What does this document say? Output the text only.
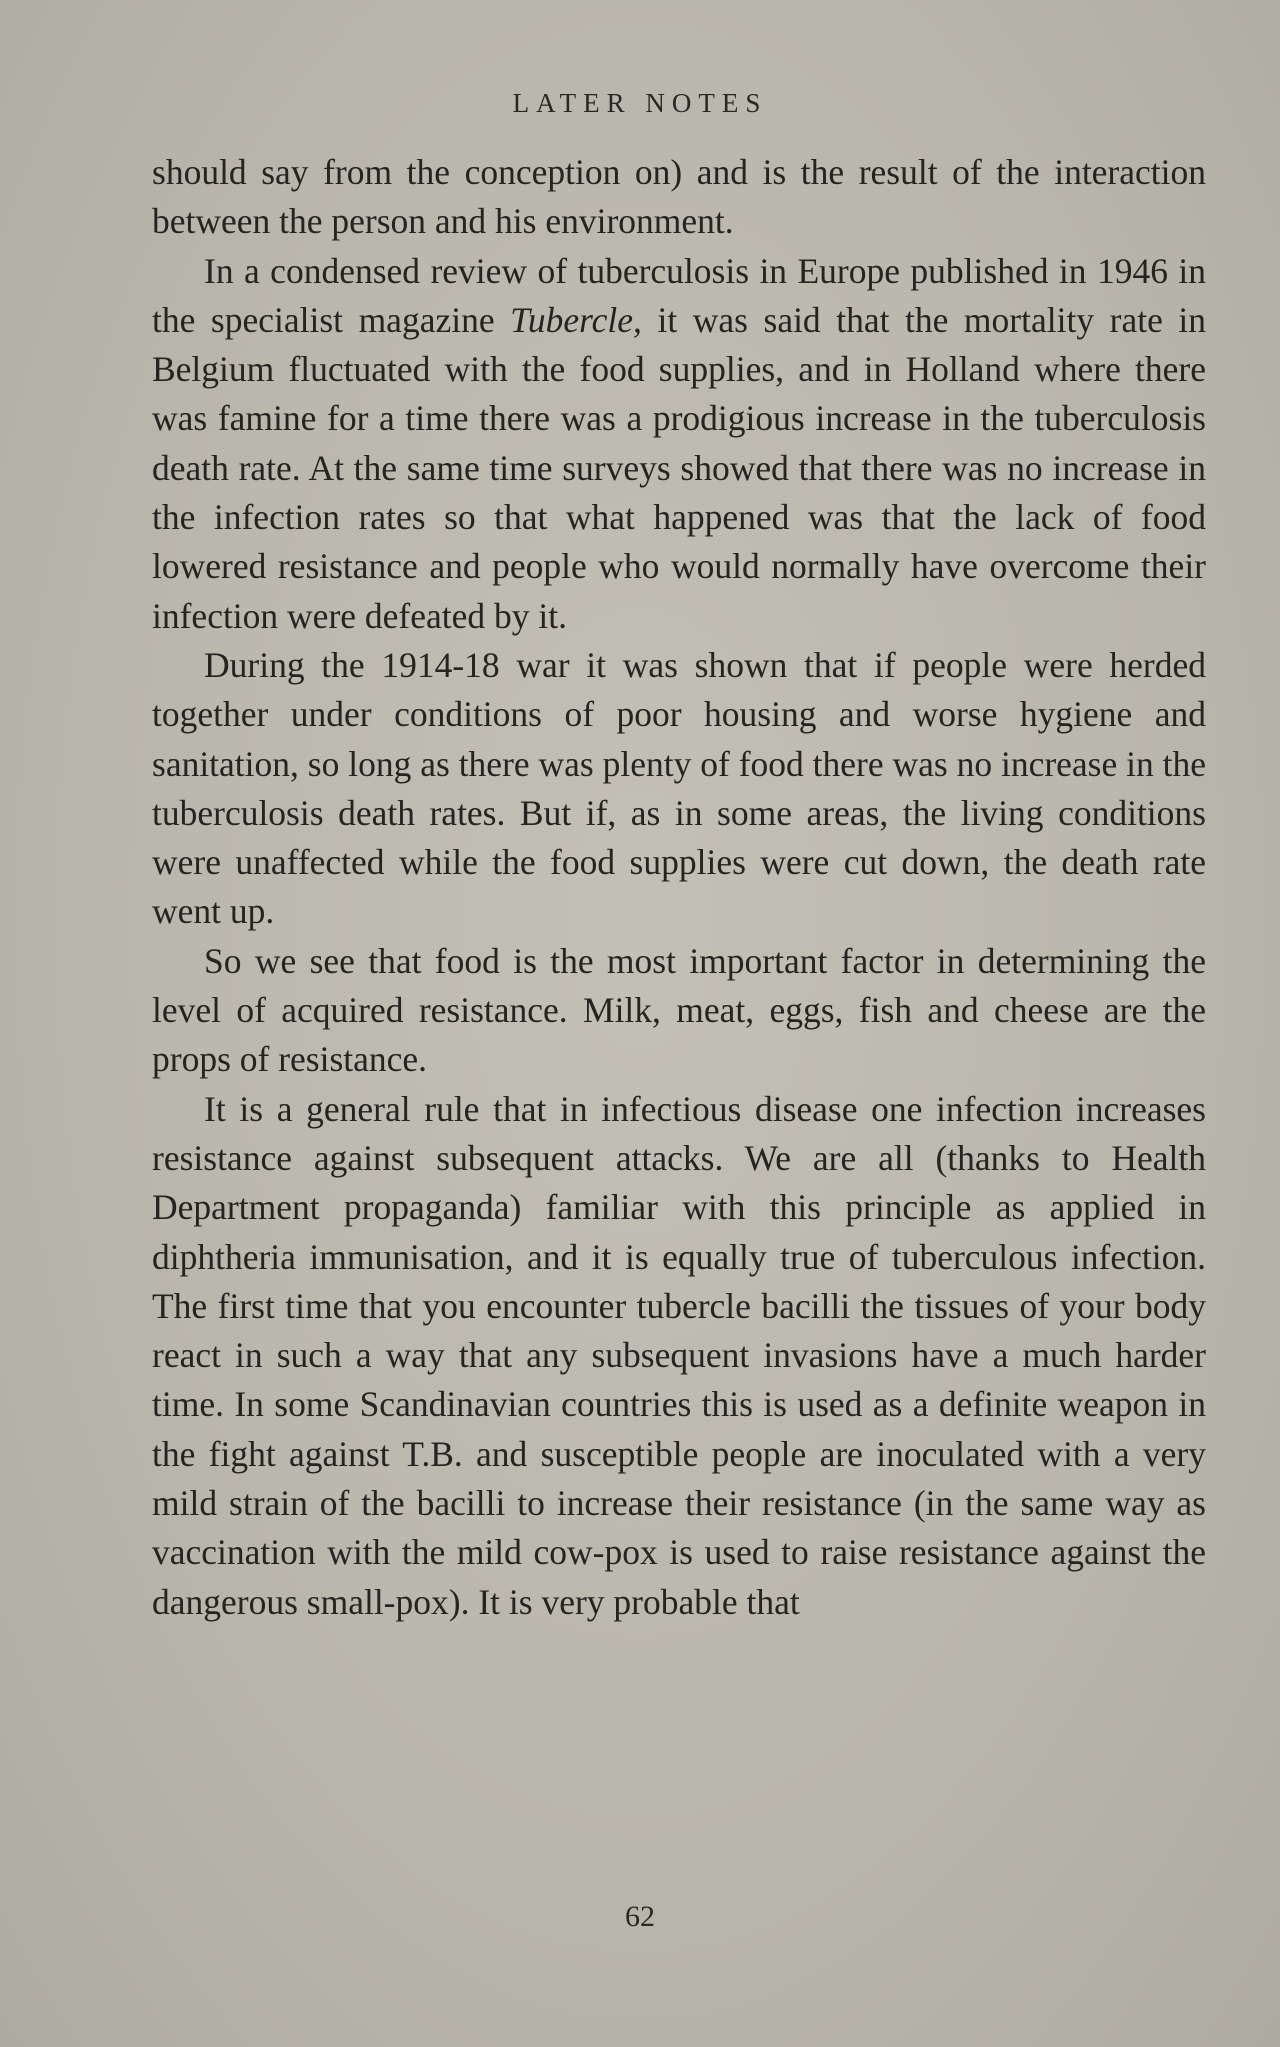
LATER NOTES

should say from the conception on) and is the result of the interaction between the person and his environment.

In a condensed review of tuberculosis in Europe published in 1946 in the specialist magazine Tubercle, it was said that the mortality rate in Belgium fluctuated with the food supplies, and in Holland where there was famine for a time there was a prodigious increase in the tuberculosis death rate. At the same time surveys showed that there was no increase in the infection rates so that what happened was that the lack of food lowered resistance and people who would normally have overcome their infection were defeated by it.

During the 1914-18 war it was shown that if people were herded together under conditions of poor housing and worse hygiene and sanitation, so long as there was plenty of food there was no increase in the tuberculosis death rates. But if, as in some areas, the living conditions were unaffected while the food supplies were cut down, the death rate went up.

So we see that food is the most important factor in determining the level of acquired resistance. Milk, meat, eggs, fish and cheese are the props of resistance.

It is a general rule that in infectious disease one infection increases resistance against subsequent attacks. We are all (thanks to Health Department propaganda) familiar with this principle as applied in diphtheria immunisation, and it is equally true of tuberculous infection. The first time that you encounter tubercle bacilli the tissues of your body react in such a way that any subsequent invasions have a much harder time. In some Scandinavian countries this is used as a definite weapon in the fight against T.B. and susceptible people are inoculated with a very mild strain of the bacilli to increase their resistance (in the same way as vaccination with the mild cow-pox is used to raise resistance against the dangerous small-pox). It is very probable that

62
